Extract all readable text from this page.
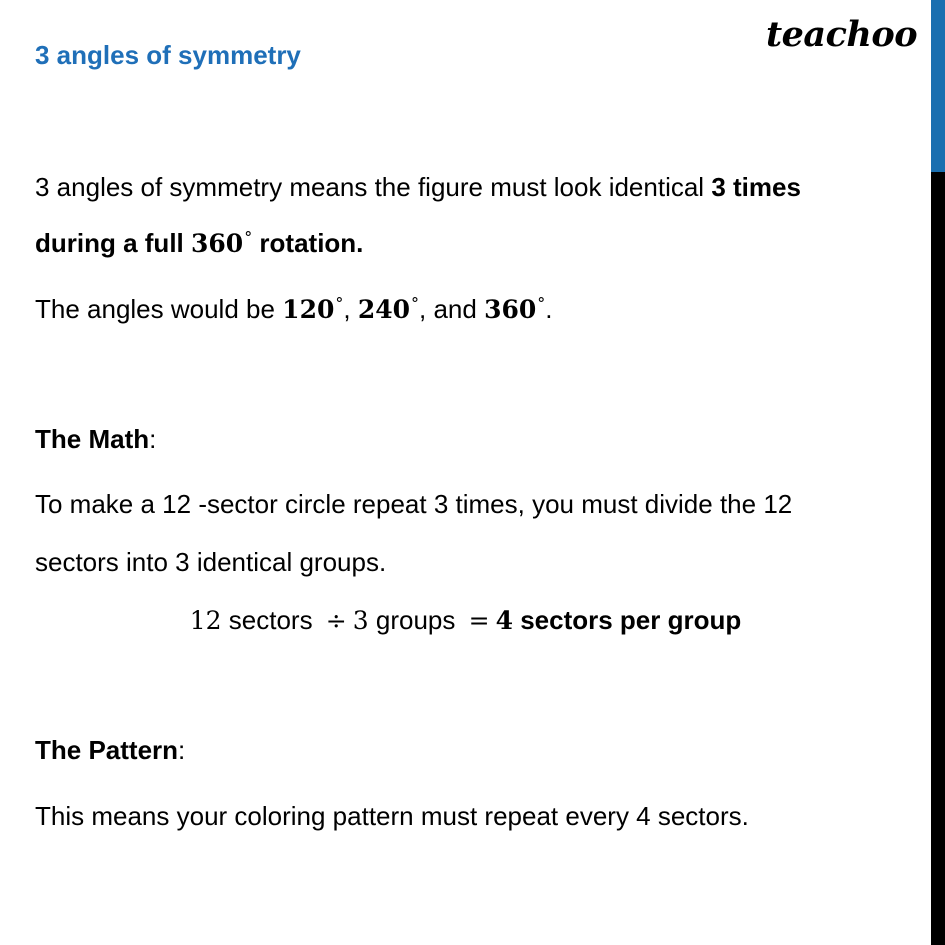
teachoo
3 angles of symmetry
3 angles of symmetry means the figure must look identical 3 times
during a full 360° rotation.
The angles would be 120°, 240°, and 360°.
The Math:
To make a 12 -sector circle repeat 3 times, you must divide the 12
sectors into 3 identical groups.
12 sectors ÷ 3 groups = 4 sectors per group
The Pattern:
This means your coloring pattern must repeat every 4 sectors.
